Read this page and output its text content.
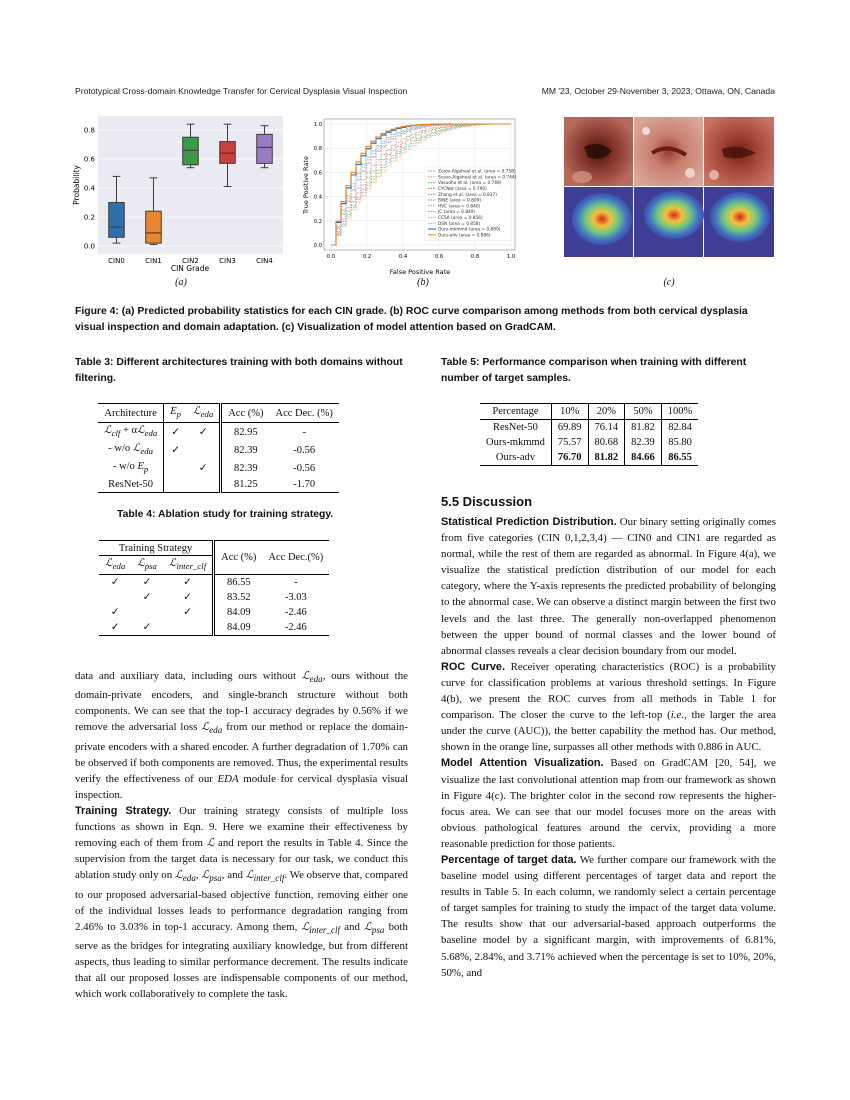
Prototypical Cross-domain Knowledge Transfer for Cervical Dysplasia Visual Inspection	MM '23, October 29-November 3, 2023, Ottawa, ON, Canada
0.0
0.2
0.4
0.6
0.8
CIN0	CIN1	CIN2	CIN3	CIN4
Probability
CIN Grade
(a)
Zorov-Algaheal et al. (area = 0.758)
Scavo-Algaheal et al. (area = 0.744)
Vasudha et al. (area = 0.769)
CYCNet (area = 0.790)
Zhang et al. (area = 0.837)
BiNE (area = 0.809)
HVC (area = 0.840)
JC (area = 0.849)
CCSA (area = 0.856)
DSN (area = 0.858)
Ours-mkmmd (area = 0.880)
Ours-adv (area = 0.886)
0.0
0.2
0.4
0.6
0.8
1.0
0.0	0.2	0.4	0.6	0.8	1.0
True Positive Rate
False Positive Rate
(b)	(c)
Figure 4: (a) Predicted probability statistics for each CIN grade. (b) ROC curve comparison among methods from both cervical dysplasia visual inspection and domain adaptation. (c) Visualization of model attention based on GradCAM.
Table 3: Different architectures training with both domains without filtering.
Architecture	$E_p$	ℒ$_{eda}$	Acc (%)	Acc Dec. (%)
ℒ$_{clf}$ + αℒ$_{eda}$	✓	✓	82.95	-
- w/o ℒ$_{eda}$	✓		82.39	-0.56
- w/o $E_p$		✓	82.39	-0.56
ResNet-50			81.25	-1.70
Table 4: Ablation study for training strategy.
Training Strategy			Acc (%)	Acc Dec.(%)
ℒ$_{eda}$	ℒ$_{psa}$	ℒ$_{inter\_clf}$
✓	✓	✓	86.55	-
	✓	✓	83.52	-3.03
✓		✓	84.09	-2.46
✓	✓		84.09	-2.46
Table 5: Performance comparison when training with different number of target samples.
Percentage	10%	20%	50%	100%
ResNet-50	69.89	76.14	81.82	82.84
Ours-mkmmd	75.57	80.68	82.39	85.80
Ours-adv	76.70	81.82	84.66	86.55

data and auxiliary data, including ours without ℒ$_{eda}$, ours without the domain-private encoders, and single-branch structure without both components. We can see that the top-1 accuracy degrades by 0.56% if we remove the adversarial loss ℒ$_{eda}$ from our method or replace the domain-private encoders with a shared encoder. A further degradation of 1.70% can be observed if both components are removed. Thus, the experimental results verify the effectiveness of our EDA module for cervical dysplasia visual inspection.

Training Strategy. Our training strategy consists of multiple loss functions as shown in Eqn. 9. Here we examine their effectiveness by removing each of them from ℒ and report the results in Table 4. Since the supervision from the target data is necessary for our task, we conduct this ablation study only on ℒ$_{eda}$, ℒ$_{psa}$, and ℒ$_{inter\_clf}$. We observe that, compared to our proposed adversarial-based objective function, removing either one of the individual losses leads to performance degradation ranging from 2.46% to 3.03% in top-1 accuracy. Among them, ℒ$_{inter\_clf}$ and ℒ$_{psa}$ both serve as the bridges for integrating auxiliary knowledge, but from different aspects, thus leading to similar performance decrement. The results indicate that all our proposed losses are indispensable components of our method, which work collaboratively to complete the task.

5.5 Discussion

Statistical Prediction Distribution. Our binary setting originally comes from five categories (CIN 0,1,2,3,4) — CIN0 and CIN1 are regarded as normal, while the rest of them are regarded as abnormal. In Figure 4(a), we visualize the statistical prediction distribution of our model for each category, where the Y-axis represents the predicted probability of belonging to the abnormal case. We can observe a distinct margin between the first two levels and the last three. The generally non-overlapped phenomenon between the upper bound of normal classes and the lower bound of abnormal classes reveals a clear decision boundary from our model.

ROC Curve. Receiver operating characteristics (ROC) is a probability curve for classification problems at various threshold settings. In Figure 4(b), we present the ROC curves from all methods in Table 1 for comparison. The closer the curve to the left-top (i.e., the larger the area under the curve (AUC)), the better capability the method has. Our method, shown in the orange line, surpasses all other methods with 0.886 in AUC.

Model Attention Visualization. Based on GradCAM [20, 54], we visualize the last convolutional attention map from our framework as shown in Figure 4(c). The brighter color in the second row represents the higher-focus area. We can see that our model focuses more on the areas with obvious pathological features around the cervix, providing a more reasonable prediction for those patients.

Percentage of target data. We further compare our framework with the baseline model using different percentages of target data and report the results in Table 5. In each column, we randomly select a certain percentage of target samples for training to study the impact of the target data volume. The results show that our adversarial-based approach outperforms the baseline model by a significant margin, with improvements of 6.81%, 5.68%, 2.84%, and 3.71% achieved when the percentage is set to 10%, 20%, 50%, and
